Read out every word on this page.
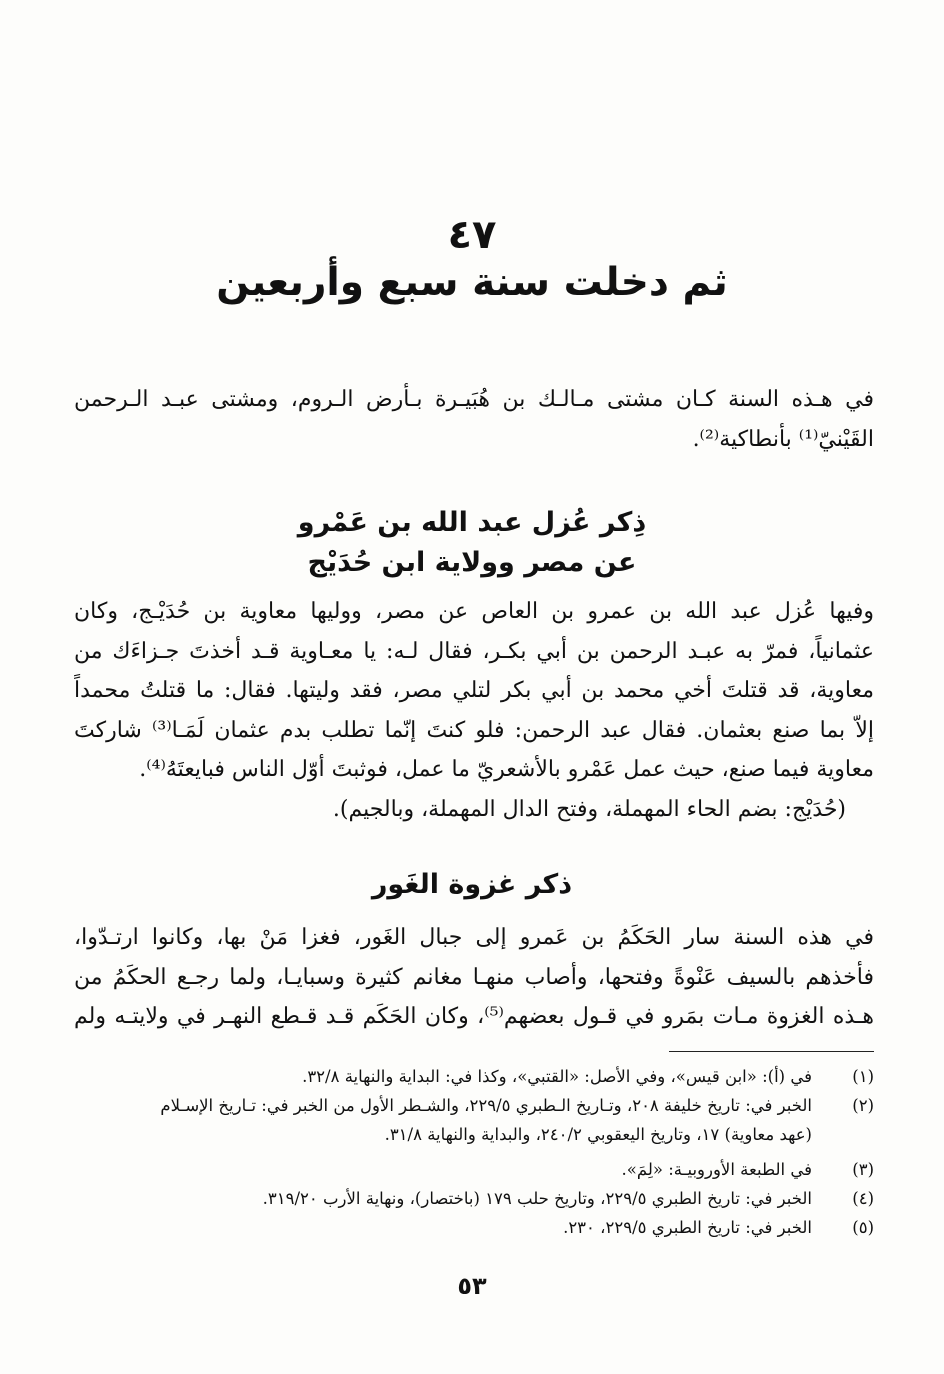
٤٧
ثم دخلت سنة سبع وأربعين
في هـذه السنة كـان مشتى مـالـك بن هُبَيـرة بـأرض الـروم، ومشتى عبـد الـرحمن
القَيْنيّ⁽¹⁾ بأنطاكية⁽²⁾.
ذِكر عُزل عبد الله بن عَمْرو
عن مصر وولاية ابن حُدَيْج
وفيها عُزل عبد الله بن عمرو بن العاص عن مصر، ووليها معاوية بن حُدَيْـج، وكان
عثمانياً، فمرّ به عبـد الرحمن بن أبي بكـر، فقال لـه: يا معـاوية قـد أخذتَ جـزاءَك من
معاوية، قد قتلتَ أخي محمد بن أبي بكر لتلي مصر، فقد وليتها. فقال: ما قتلتُ محمداً
إلاّ بما صنع بعثمان. فقال عبد الرحمن: فلو كنتَ إنّما تطلب بدم عثمان لَمَـا⁽³⁾ شاركتَ
معاوية فيما صنع، حيث عمل عَمْرو بالأشعريّ ما عمل، فوثبتَ أوّل الناس فبايعتَهُ⁽⁴⁾.
(حُدَيْج: بضم الحاء المهملة، وفتح الدال المهملة، وبالجيم).
ذكر غزوة الغَور
في هذه السنة سار الحَكَمُ بن عَمرو إلى جبال الغَور، فغزا مَنْ بها، وكانوا ارتـدّوا،
فأخذهم بالسيف عَنْوةً وفتحها، وأصاب منهـا مغانم كثيرة وسبايـا، ولما رجـع الحكَمُ من
هـذه الغزوة مـات بمَرو في قـول بعضهم⁽⁵⁾، وكان الحَكَم قـد قـطع النهـر في ولايتـه ولم
(١)
في (أ): «ابن قيس»، وفي الأصل: «القتبي»، وكذا في: البداية والنهاية ٣٢/٨.
(٢)
الخبر في: تاريخ خليفة ٢٠٨، وتـاريخ الـطبري ٢٢٩/٥، والشـطر الأول من الخبر في: تـاريخ الإسـلام
(عهد معاوية) ١٧، وتاريخ اليعقوبي ٢٤٠/٢، والبداية والنهاية ٣١/٨.
(٣)
في الطبعة الأوروبيـة: «لِمَ».
(٤)
الخبر في: تاريخ الطبري ٢٢٩/٥، وتاريخ حلب ١٧٩ (باختصار)، ونهاية الأرب ٣١٩/٢٠.
(٥)
الخبر في: تاريخ الطبري ٢٢٩/٥، ٢٣٠.
٥٣
